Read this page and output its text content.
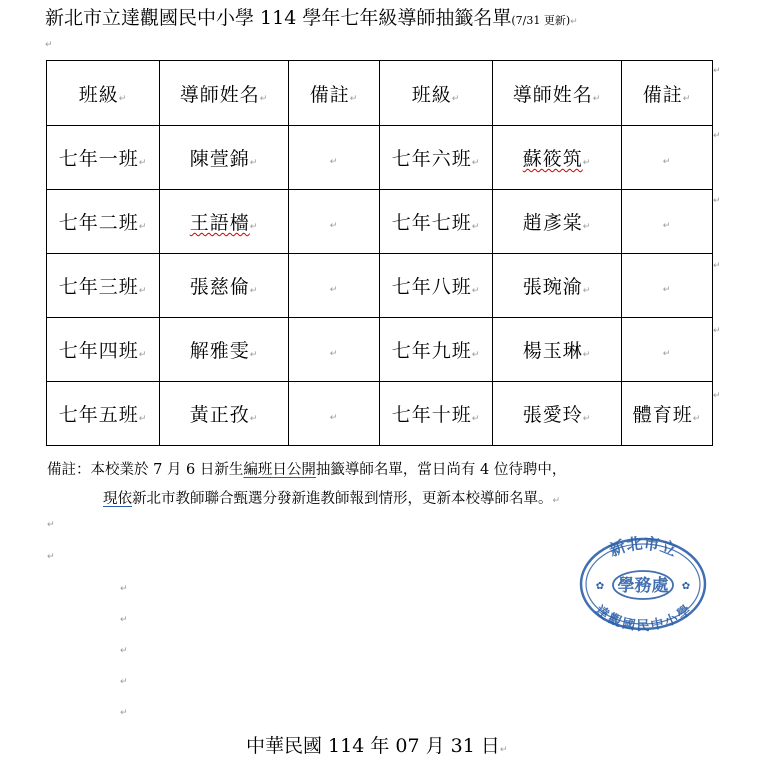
新北市立達觀國民中小學 114 學年七年級導師抽籤名單(7/31 更新)↵
↵
班級↵	導師姓名↵	備註↵	班級↵	導師姓名↵	備註↵
七年一班↵	陳萱錦↵	↵	七年六班↵	蘇筱筑↵	↵
七年二班↵	王語檣↵	↵	七年七班↵	趙彥棠↵	↵
七年三班↵	張慈倫↵	↵	七年八班↵	張琬渝↵	↵
七年四班↵	解雅雯↵	↵	七年九班↵	楊玉琳↵	↵
七年五班↵	黃正孜↵	↵	七年十班↵	張愛玲↵	體育班↵
↵
↵
↵
↵
↵
↵
備註：本校業於 7 月 6 日新生編班日公開抽籤導師名單，當日尚有 4 位待聘中，
現依新北市教師聯合甄選分發新進教師報到情形，更新本校導師名單。↵
↵
↵
↵
↵
↵
↵
↵
新北市立
學務處
達觀國民中小學
✿	✿
中華民國 114 年 07 月 31 日↵
